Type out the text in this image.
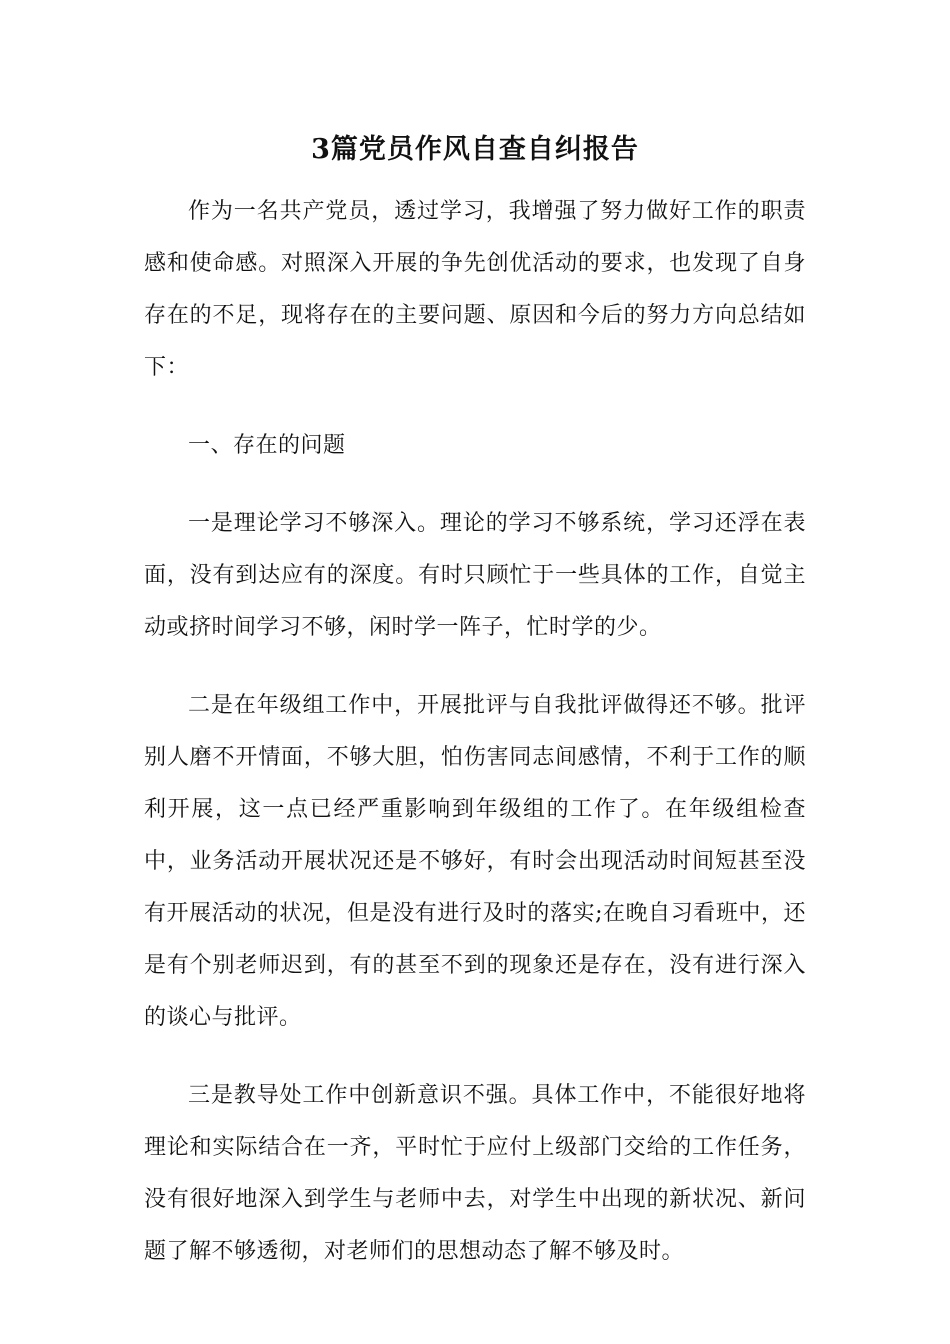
3篇党员作风自查自纠报告

作为一名共产党员，透过学习，我增强了努力做好工作的职责感和使命感。对照深入开展的争先创优活动的要求，也发现了自身存在的不足，现将存在的主要问题、原因和今后的努力方向总结如下：

一、存在的问题

一是理论学习不够深入。理论的学习不够系统，学习还浮在表面，没有到达应有的深度。有时只顾忙于一些具体的工作，自觉主动或挤时间学习不够，闲时学一阵子，忙时学的少。

二是在年级组工作中，开展批评与自我批评做得还不够。批评别人磨不开情面，不够大胆，怕伤害同志间感情，不利于工作的顺利开展，这一点已经严重影响到年级组的工作了。在年级组检查中，业务活动开展状况还是不够好，有时会出现活动时间短甚至没有开展活动的状况，但是没有进行及时的落实;在晚自习看班中，还是有个别老师迟到，有的甚至不到的现象还是存在，没有进行深入的谈心与批评。

三是教导处工作中创新意识不强。具体工作中，不能很好地将理论和实际结合在一齐，平时忙于应付上级部门交给的工作任务，没有很好地深入到学生与老师中去，对学生中出现的新状况、新问题了解不够透彻，对老师们的思想动态了解不够及时。
